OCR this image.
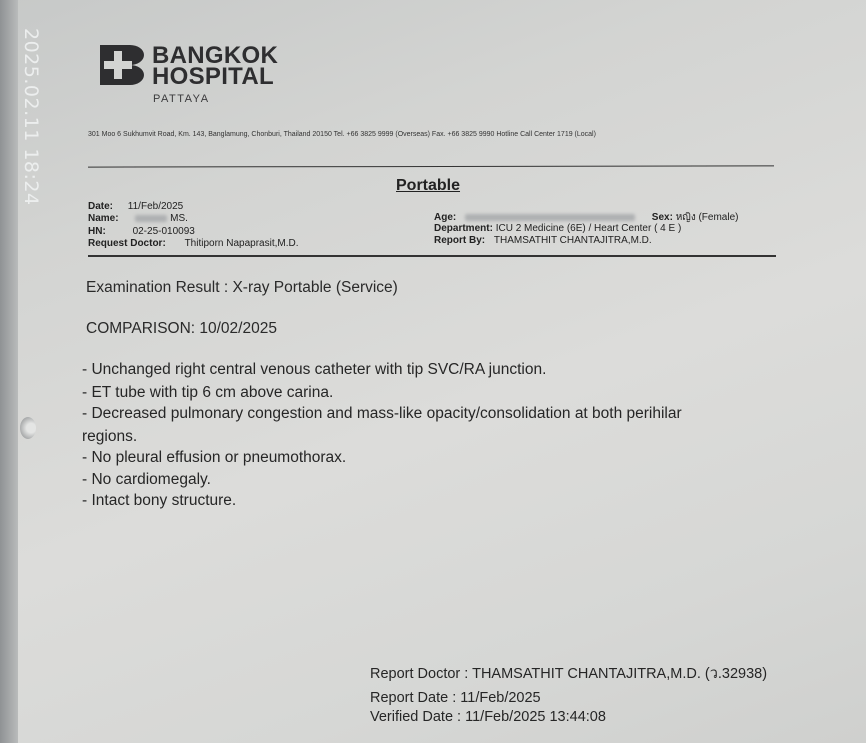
2025.02.11 18:24	BANGKOK
HOSPITAL
PATTAYA
301 Moo 6 Sukhumvit Road, Km. 143, Banglamung, Chonburi, Thailand 20150 Tel. +66 3825 9999 (Overseas) Fax. +66 3825 9990 Hotline Call Center 1719 (Local)
Portable
Date: 11/Feb/2025
Name:	MS.
HN:	02-25-010093
Request Doctor: Thitiporn Napaprasit,M.D.
Age:	Sex: หญิง (Female)
Department: ICU 2 Medicine (6E) / Heart Center ( 4 E )
Report By: THAMSATHIT CHANTAJITRA,M.D.
Examination Result : X-ray Portable (Service)
COMPARISON: 10/02/2025
- Unchanged right central venous catheter with tip SVC/RA junction.
- ET tube with tip 6 cm above carina.
- Decreased pulmonary congestion and mass-like opacity/consolidation at both perihilar
regions.
- No pleural effusion or pneumothorax.
- No cardiomegaly.
- Intact bony structure.
Report Doctor : THAMSATHIT CHANTAJITRA,M.D. (ว.32938)
Report Date : 11/Feb/2025
Verified Date : 11/Feb/2025 13:44:08
